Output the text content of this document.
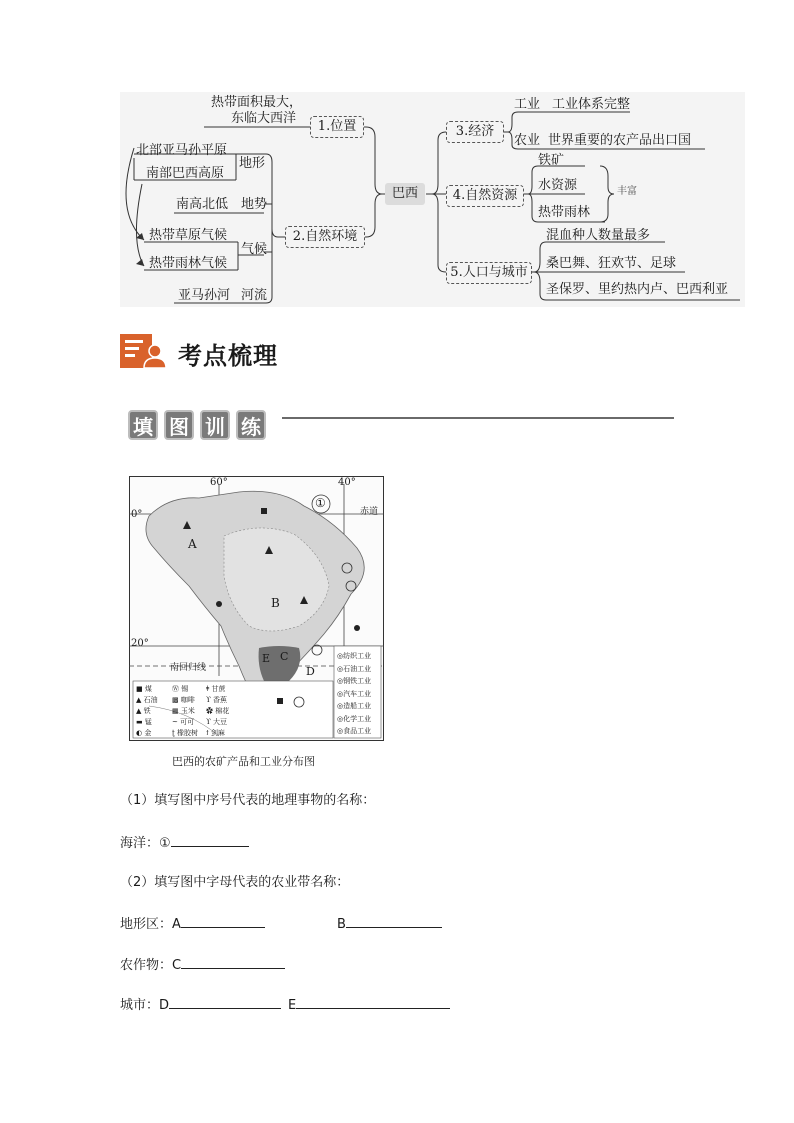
热带面积最大，
东临大西洋
1.位置
北部亚马孙平原
南部巴西高原
地形
南高北低 地势
热带草原气候
热带雨林气候
气候
亚马孙河 河流
2.自然环境
巴西
3.经济
工业 工业体系完整
农业 世界重要的农产品出口国
4.自然资源
铁矿
水资源
热带雨林
丰富
5.人口与城市
混血种人数量最多
桑巴舞、狂欢节、足球
圣保罗、里约热内卢、巴西利亚
考点梳理
填 图 训 练
60°	40°
0°
20°
赤道
南回归线
①
A
B
C
D
E
■ 煤	Ⓦ 锡	ǂ 甘蔗
▲ 石油 ▩ 咖啡 ϒ 香蕉
▲ 铁	▦ 玉米 ✿ 棉花
▬ 锰	~ 可可 ϒ 大豆
◐ 金	ʈ 橡胶树 ϯ 剑麻
◎纺织工业
◎石油工业
◎钢铁工业
◎汽车工业
◎造船工业
◎化学工业
◎食品工业
巴西的农矿产品和工业分布图
（1）填写图中序号代表的地理事物的名称：
海洋：①
（2）填写图中字母代表的农业带名称：
地形区：A	B
农作物：C
城市：D	E
